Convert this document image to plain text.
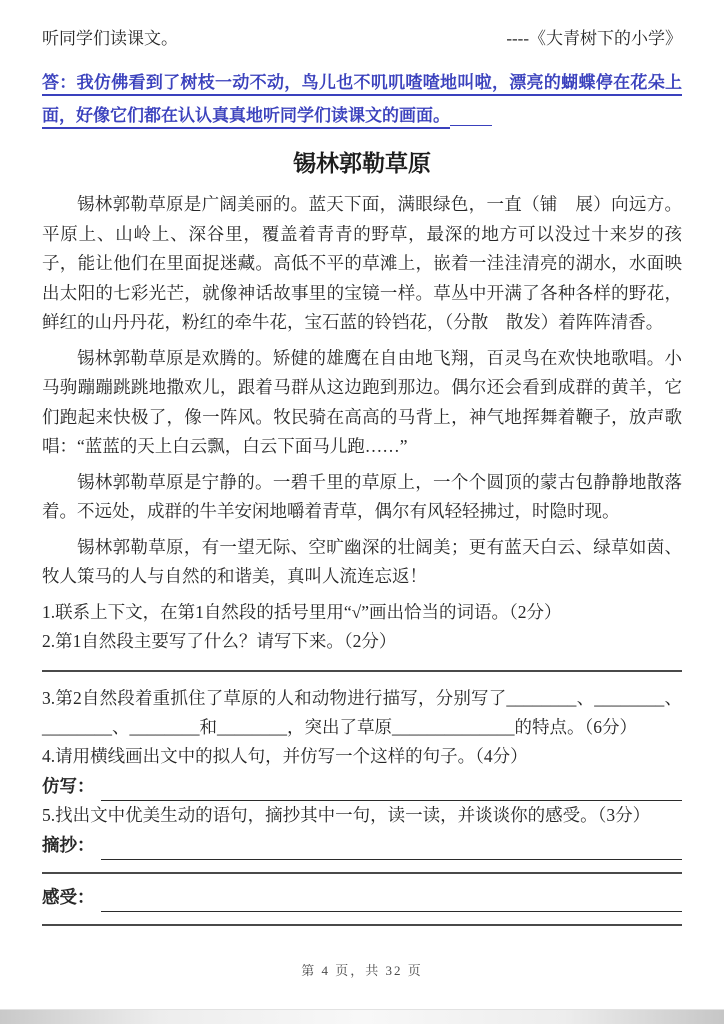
听同学们读课文。	----《大青树下的小学》
答：我仿佛看到了树枝一动不动，鸟儿也不叽叽喳喳地叫啦，漂亮的蝴蝶停在花朵上面，好像它们都在认认真真地听同学们读课文的画面。
锡林郭勒草原

锡林郭勒草原是广阔美丽的。蓝天下面，满眼绿色，一直（铺　展）向远方。平原上、山岭上、深谷里，覆盖着青青的野草，最深的地方可以没过十来岁的孩子，能让他们在里面捉迷藏。高低不平的草滩上，嵌着一洼洼清亮的湖水，水面映出太阳的七彩光芒，就像神话故事里的宝镜一样。草丛中开满了各种各样的野花，鲜红的山丹丹花，粉红的牵牛花，宝石蓝的铃铛花，（分散　散发）着阵阵清香。

锡林郭勒草原是欢腾的。矫健的雄鹰在自由地飞翔，百灵鸟在欢快地歌唱。小马驹蹦蹦跳跳地撒欢儿，跟着马群从这边跑到那边。偶尔还会看到成群的黄羊，它们跑起来快极了，像一阵风。牧民骑在高高的马背上，神气地挥舞着鞭子，放声歌唱：“蓝蓝的天上白云飘，白云下面马儿跑……”

锡林郭勒草原是宁静的。一碧千里的草原上，一个个圆顶的蒙古包静静地散落着。不远处，成群的牛羊安闲地嚼着青草，偶尔有风轻轻拂过，时隐时现。

锡林郭勒草原，有一望无际、空旷幽深的壮阔美；更有蓝天白云、绿草如茵、牧人策马的人与自然的和谐美，真叫人流连忘返！

1.联系上下文，在第1自然段的括号里用“√”画出恰当的词语。（2分）
2.第1自然段主要写了什么？请写下来。（2分）
3.第2自然段着重抓住了草原的人和动物进行描写，分别写了________、________、________、________和________，突出了草原______________的特点。（6分）
4.请用横线画出文中的拟人句，并仿写一个这样的句子。（4分）
仿写：
5.找出文中优美生动的语句，摘抄其中一句，读一读，并谈谈你的感受。（3分）
摘抄：
感受：
第 4 页，共 32 页
